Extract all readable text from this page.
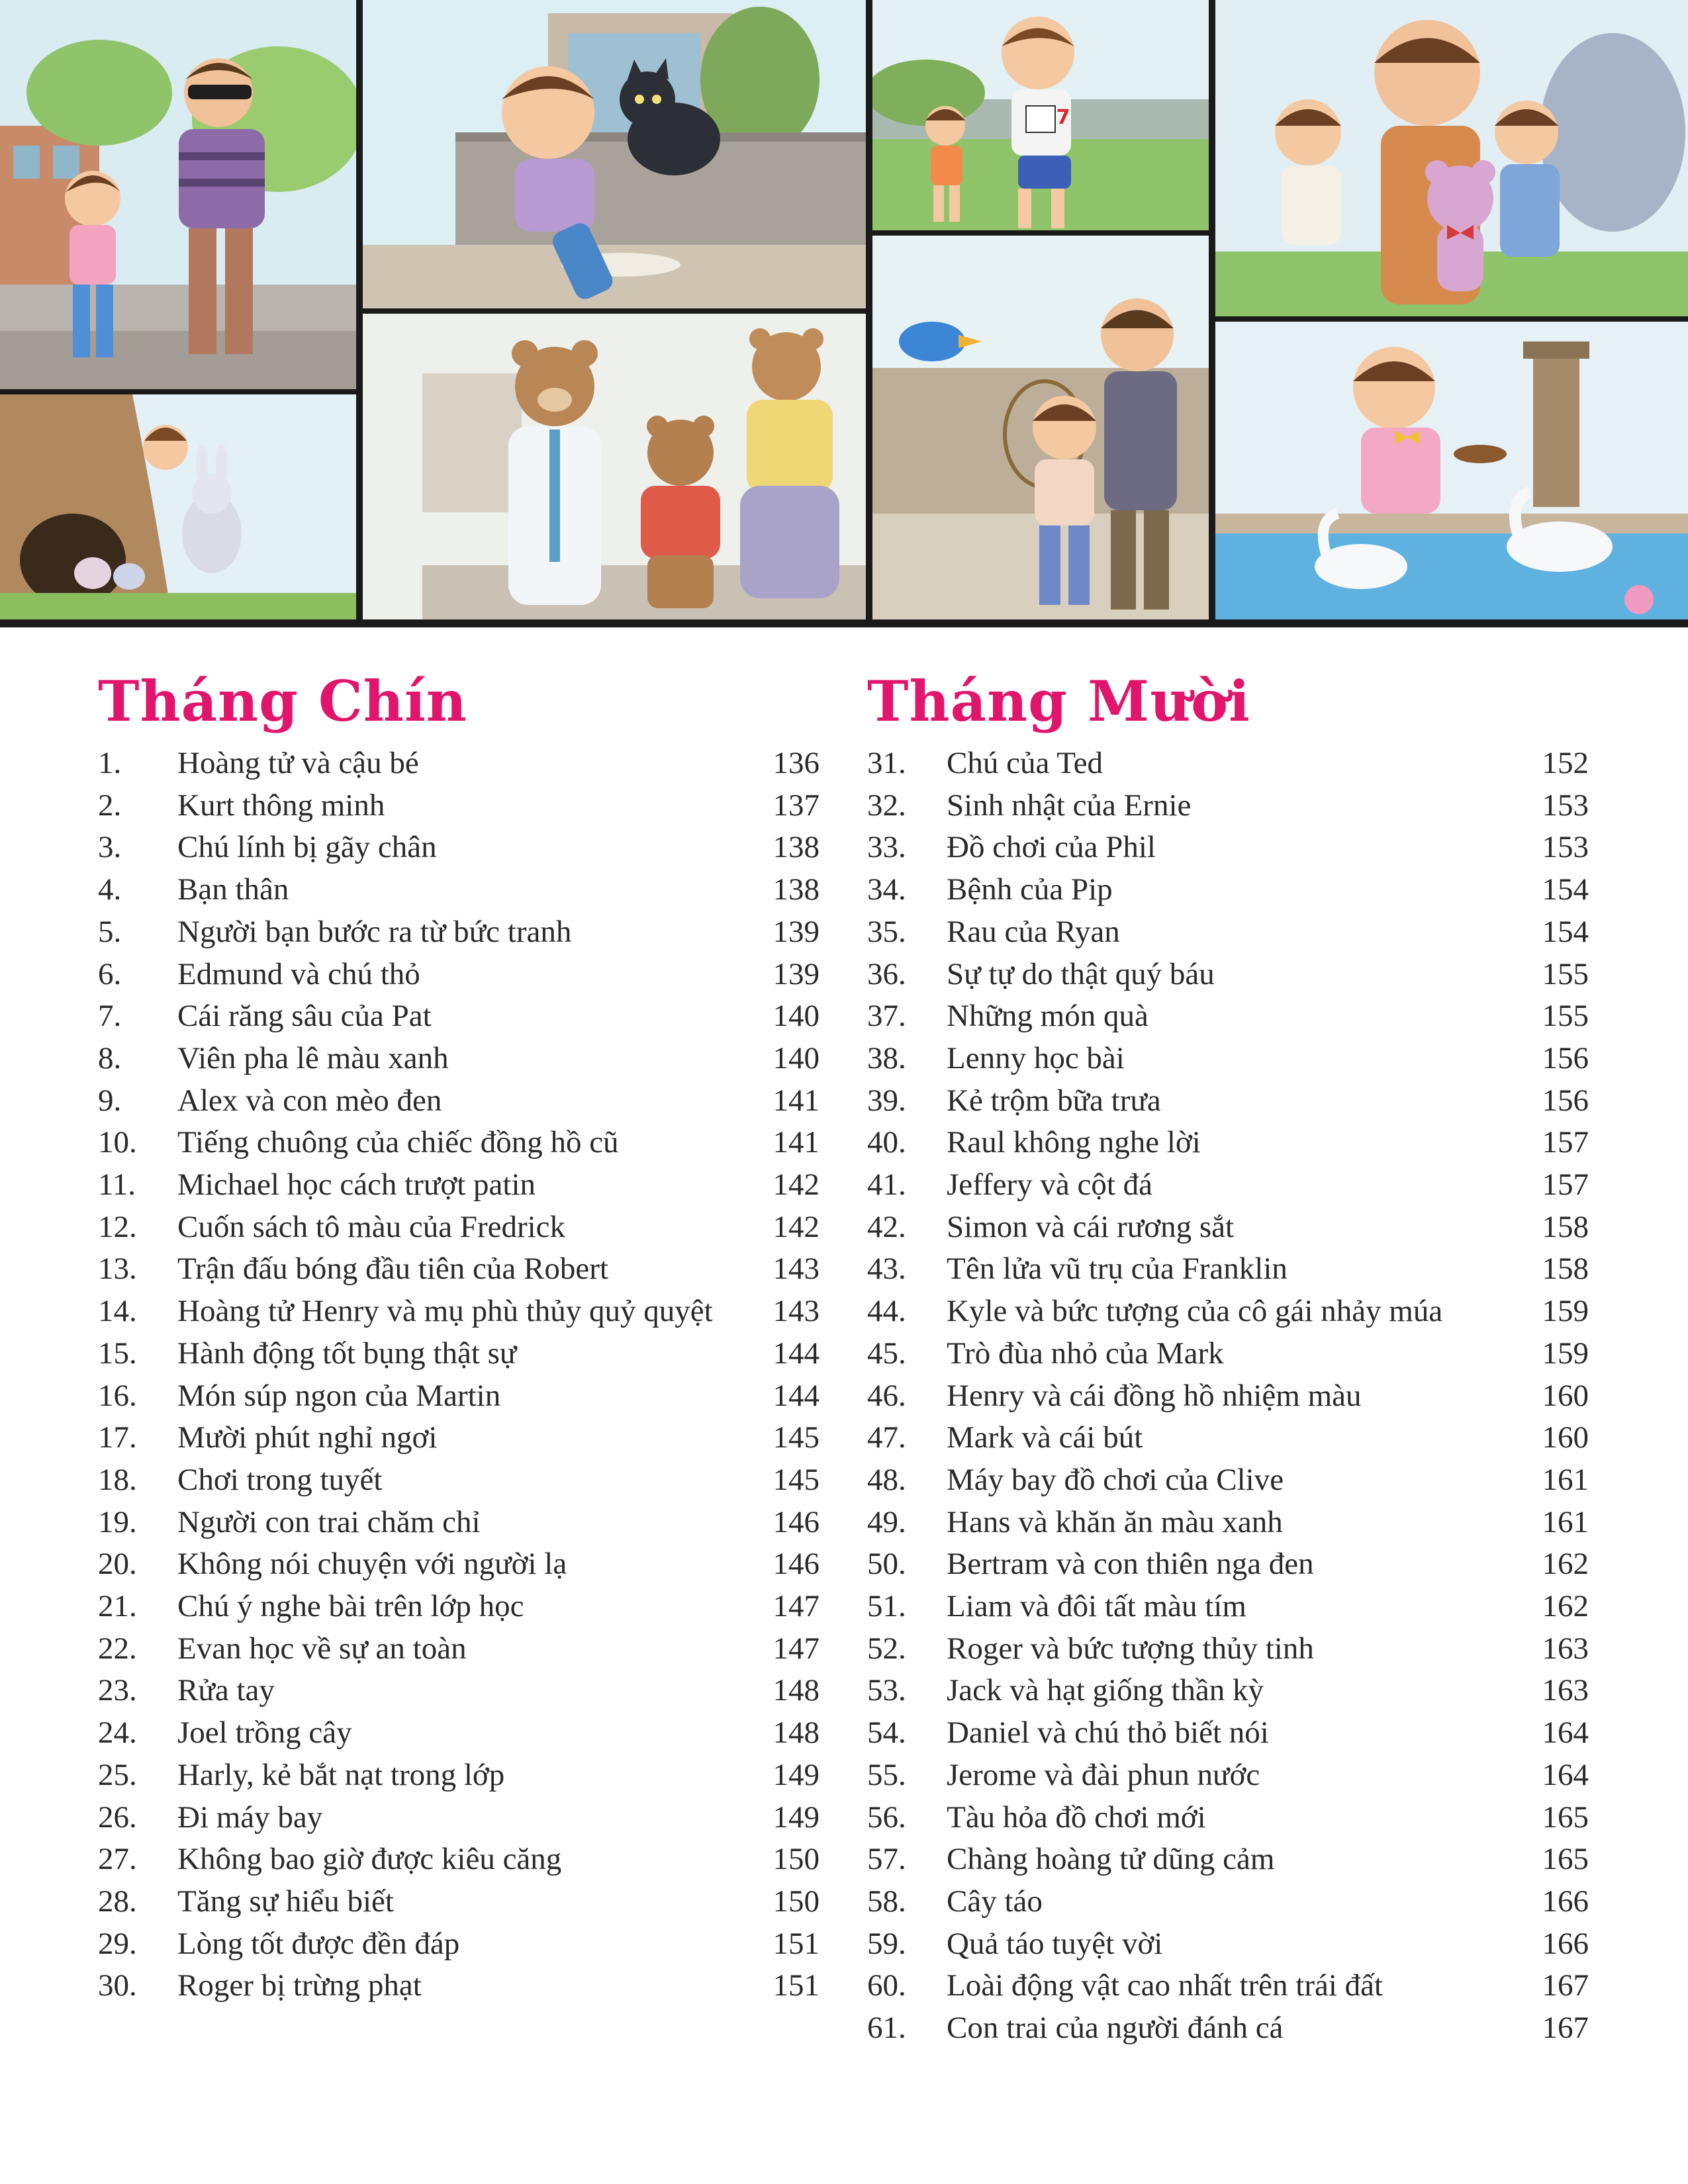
7
Tháng Chín
1.	Hoàng tử và cậu bé	136
2.	Kurt thông minh	137
3.	Chú lính bị gãy chân	138
4.	Bạn thân	138
5.	Người bạn bước ra từ bức tranh	139
6.	Edmund và chú thỏ	139
7.	Cái răng sâu của Pat	140
8.	Viên pha lê màu xanh	140
9.	Alex và con mèo đen	141
10.	Tiếng chuông của chiếc đồng hồ cũ	141
11.	Michael học cách trượt patin	142
12.	Cuốn sách tô màu của Fredrick	142
13.	Trận đấu bóng đầu tiên của Robert	143
14.	Hoàng tử Henry và mụ phù thủy quỷ quyệt	143
15.	Hành động tốt bụng thật sự	144
16.	Món súp ngon của Martin	144
17.	Mười phút nghỉ ngơi	145
18.	Chơi trong tuyết	145
19.	Người con trai chăm chỉ	146
20.	Không nói chuyện với người lạ	146
21.	Chú ý nghe bài trên lớp học	147
22.	Evan học về sự an toàn	147
23.	Rửa tay	148
24.	Joel trồng cây	148
25.	Harly, kẻ bắt nạt trong lớp	149
26.	Đi máy bay	149
27.	Không bao giờ được kiêu căng	150
28.	Tăng sự hiểu biết	150
29.	Lòng tốt được đền đáp	151
30.	Roger bị trừng phạt	151
Tháng Mười
31.	Chú của Ted	152
32.	Sinh nhật của Ernie	153
33.	Đồ chơi của Phil	153
34.	Bệnh của Pip	154
35.	Rau của Ryan	154
36.	Sự tự do thật quý báu	155
37.	Những món quà	155
38.	Lenny học bài	156
39.	Kẻ trộm bữa trưa	156
40.	Raul không nghe lời	157
41.	Jeffery và cột đá	157
42.	Simon và cái rương sắt	158
43.	Tên lửa vũ trụ của Franklin	158
44.	Kyle và bức tượng của cô gái nhảy múa	159
45.	Trò đùa nhỏ của Mark	159
46.	Henry và cái đồng hồ nhiệm màu	160
47.	Mark và cái bút	160
48.	Máy bay đồ chơi của Clive	161
49.	Hans và khăn ăn màu xanh	161
50.	Bertram và con thiên nga đen	162
51.	Liam và đôi tất màu tím	162
52.	Roger và bức tượng thủy tinh	163
53.	Jack và hạt giống thần kỳ	163
54.	Daniel và chú thỏ biết nói	164
55.	Jerome và đài phun nước	164
56.	Tàu hỏa đồ chơi mới	165
57.	Chàng hoàng tử dũng cảm	165
58.	Cây táo	166
59.	Quả táo tuyệt vời	166
60.	Loài động vật cao nhất trên trái đất	167
61.	Con trai của người đánh cá	167
